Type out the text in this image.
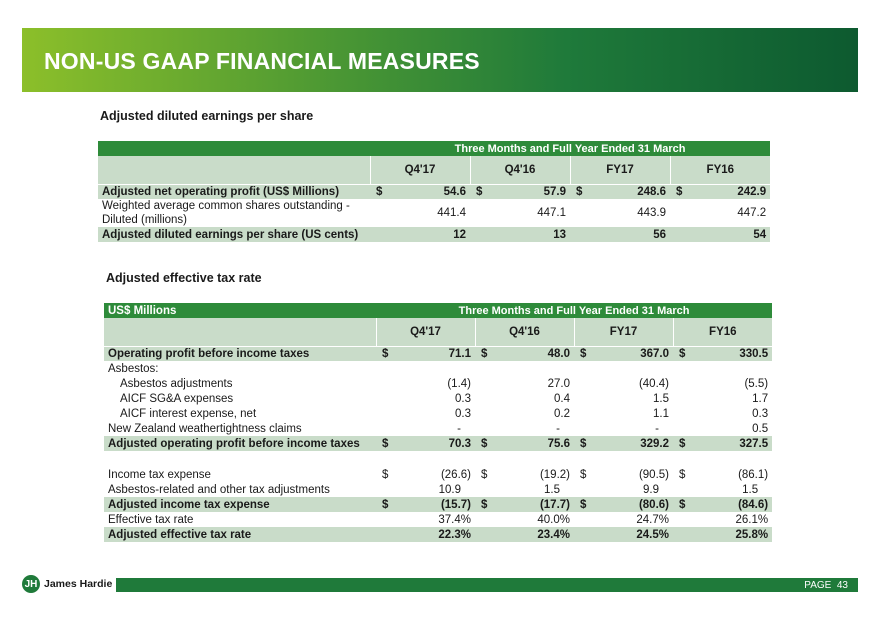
NON-US GAAP FINANCIAL MEASURES
Adjusted diluted earnings per share
	Three Months and Full Year Ended 31 March							
	Q4'17		Q4'16		FY17		FY16	
Adjusted net operating profit (US$ Millions)	$	54.6	$	57.9	$	248.6	$	242.9

Weighted average common shares outstanding -
Diluted (millions)		441.4		447.1		443.9		447.2
Adjusted diluted earnings per share (US cents)		12		13		56		54
Adjusted effective tax rate
US$ Millions	Three Months and Full Year Ended 31 March							
	Q4'17		Q4'16		FY17		FY16	
Operating profit before income taxes	$	71.1	$	48.0	$	367.0	$	330.5
Asbestos:								
Asbestos adjustments		(1.4)		27.0		(40.4)		(5.5)
AICF SG&A expenses		0.3		0.4		1.5		1.7
AICF interest expense, net		0.3		0.2		1.1		0.3
New Zealand weathertightness claims		-		-		-		0.5
Adjusted operating profit before income taxes	$	70.3	$	75.6	$	329.2	$	327.5

Income tax expense	$	(26.6)	$	(19.2)	$	(90.5)	$	(86.1)
Asbestos-related and other tax adjustments		10.9		1.5		9.9		1.5
Adjusted income tax expense	$	(15.7)	$	(17.7)	$	(80.6)	$	(84.6)
Effective tax rate		37.4%		40.0%		24.7%		26.1%
Adjusted effective tax rate		22.3%		23.4%		24.5%		25.8%
JH James Hardie	PAGE  43
